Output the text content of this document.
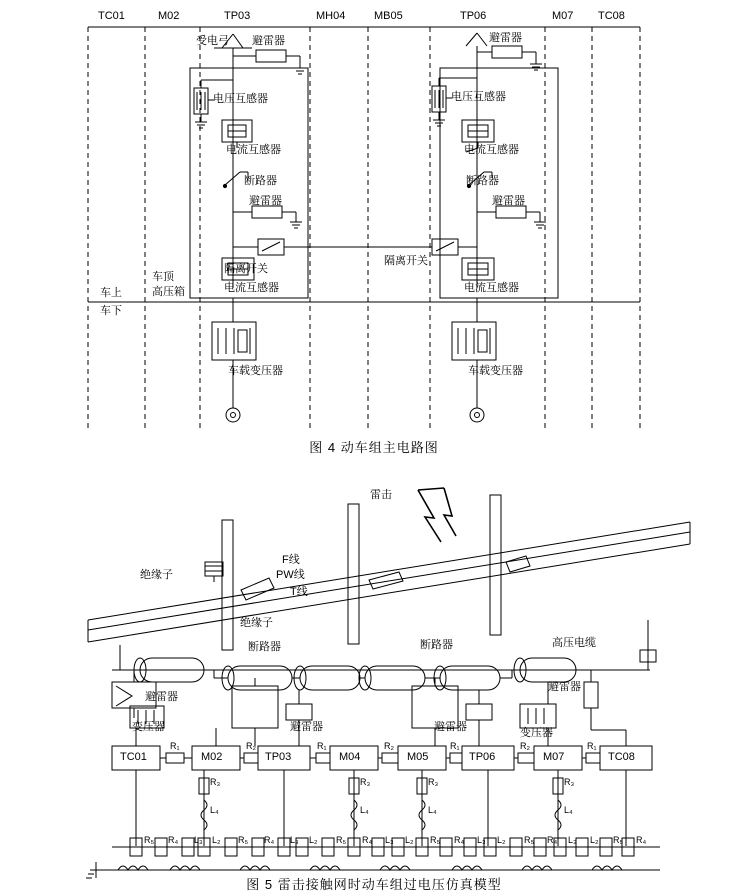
TC01	M02	TP03	MH04	MB05	TP06	M07 TC08
受电弓 避雷器
电压互感器
电流互感器
断路器
避雷器
隔离开关
电流互感器
车载变压器
避雷器
电压互感器
电流互感器
断路器
避雷器
隔离开关
电流互感器
车载变压器
车顶
高压箱
车上
车下
图 4 动车组主电路图
雷击
F线
PW线
T线
绝缘子
绝缘子
断路器	断路器	高压电缆
避雷器
避雷器	避雷器
避雷器
变压器	变压器
TC01	M02	TP03	M04	M05	TP06	M07	TC08
R₁	R₂	R₁	R₂	R₁	R₂	R₁
R₃
L₄
R₃
L₄
R₃
L₄
R₃
L₄
R₅ R₄ L₃ L₂ R₅ R₄ L₃ L₂ R₅ R₄ L₃ L₂ R₅ R₄ L₃ L₂ R₅ R₄ L₃ L₂ R₅ R₄
图 5 雷击接触网时动车组过电压仿真模型
